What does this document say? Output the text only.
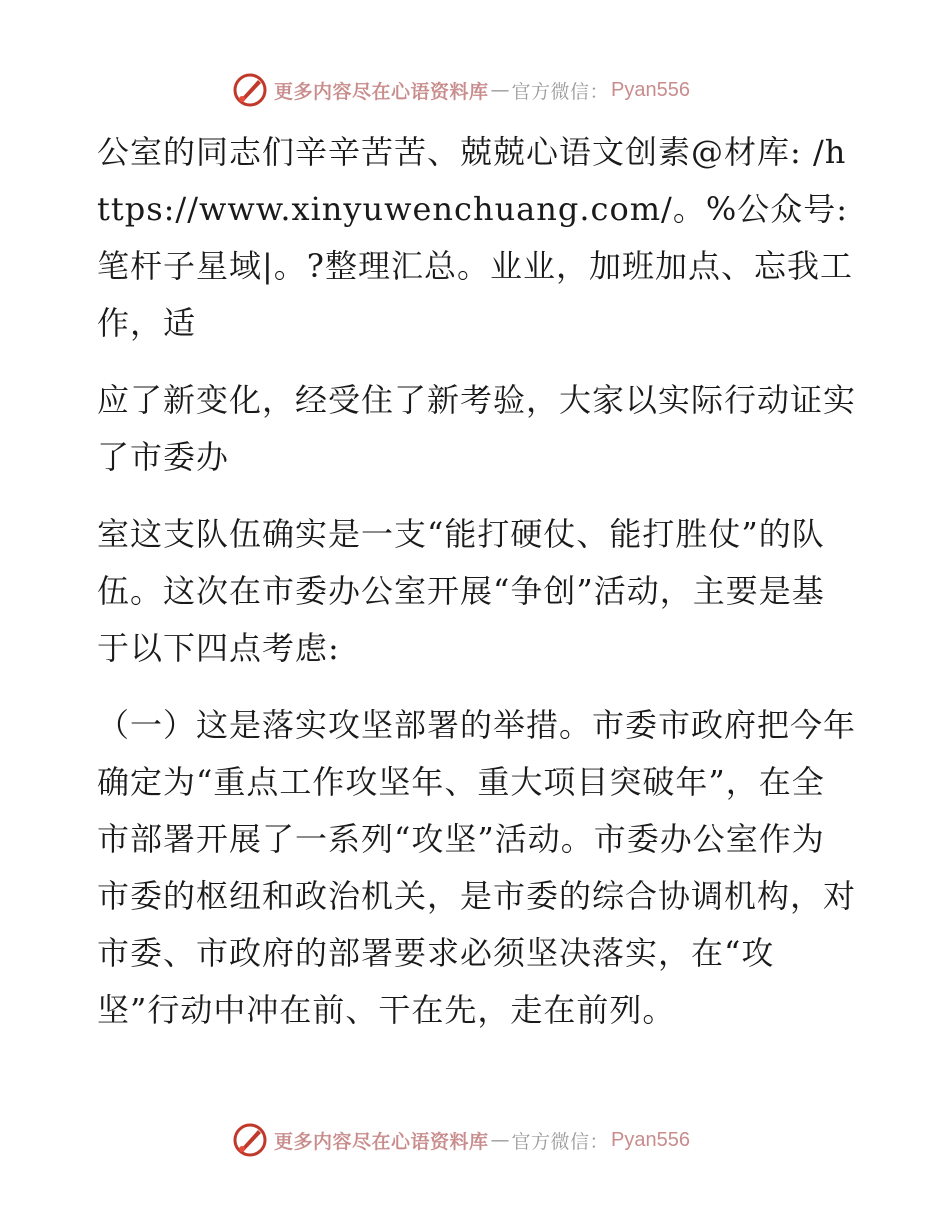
更多内容尽在心语资料库 — 官方微信： Pyan556

公室的同志们辛辛苦苦、兢兢心语文创素@材库: /https://www.xinyuwenchuang.com/。%公众号: 笔杆子星域|。?整理汇总。业业，加班加点、忘我工作，适

应了新变化，经受住了新考验，大家以实际行动证实了市委办

室这支队伍确实是一支“能打硬仗、能打胜仗”的队伍。这次在市委办公室开展“争创”活动，主要是基于以下四点考虑:

（一）这是落实攻坚部署的举措。市委市政府把今年确定为“重点工作攻坚年、重大项目突破年”，在全市部署开展了一系列“攻坚”活动。市委办公室作为市委的枢纽和政治机关，是市委的综合协调机构，对市委、市政府的部署要求必须坚决落实，在“攻坚”行动中冲在前、干在先，走在前列。

更多内容尽在心语资料库 — 官方微信： Pyan556
